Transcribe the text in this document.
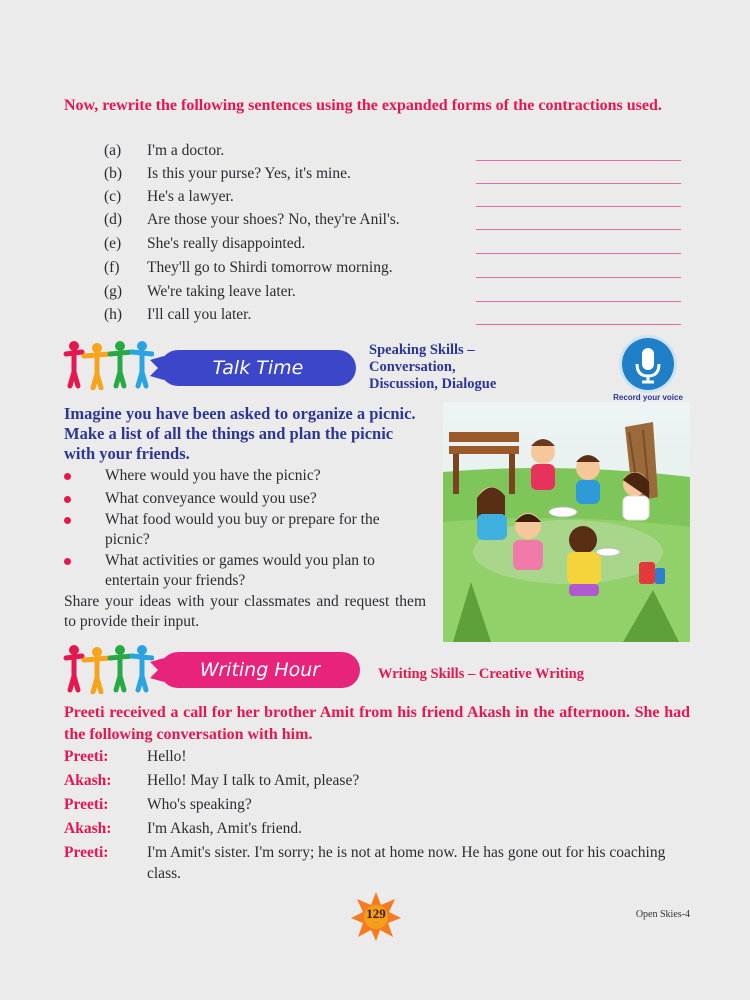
Now, rewrite the following sentences using the expanded forms of the contractions used.
(a) I'm a doctor.
(b) Is this your purse? Yes, it's mine.
(c) He's a lawyer.
(d) Are those your shoes? No, they're Anil's.
(e) She's really disappointed.
(f) They'll go to Shirdi tomorrow morning.
(g) We're taking leave later.
(h) I'll call you later.
Talk Time
Speaking Skills –
Conversation,
Discussion, Dialogue
Record your voice
Imagine you have been asked to organize a picnic. Make a list of all the things and plan the picnic with your friends.
Where would you have the picnic?
What conveyance would you use?
What food would you buy or prepare for the picnic?
What activities or games would you plan to entertain your friends?
Share your ideas with your classmates and request them to provide their input.
Writing Hour	Writing Skills – Creative Writing
Preeti received a call for her brother Amit from his friend Akash in the afternoon. She had the following conversation with him.
Preeti: Hello!
Akash: Hello! May I talk to Amit, please?
Preeti: Who's speaking?
Akash: I'm Akash, Amit's friend.
Preeti: I'm Amit's sister. I'm sorry; he is not at home now. He has gone out for his coaching class.
129	Open Skies-4
